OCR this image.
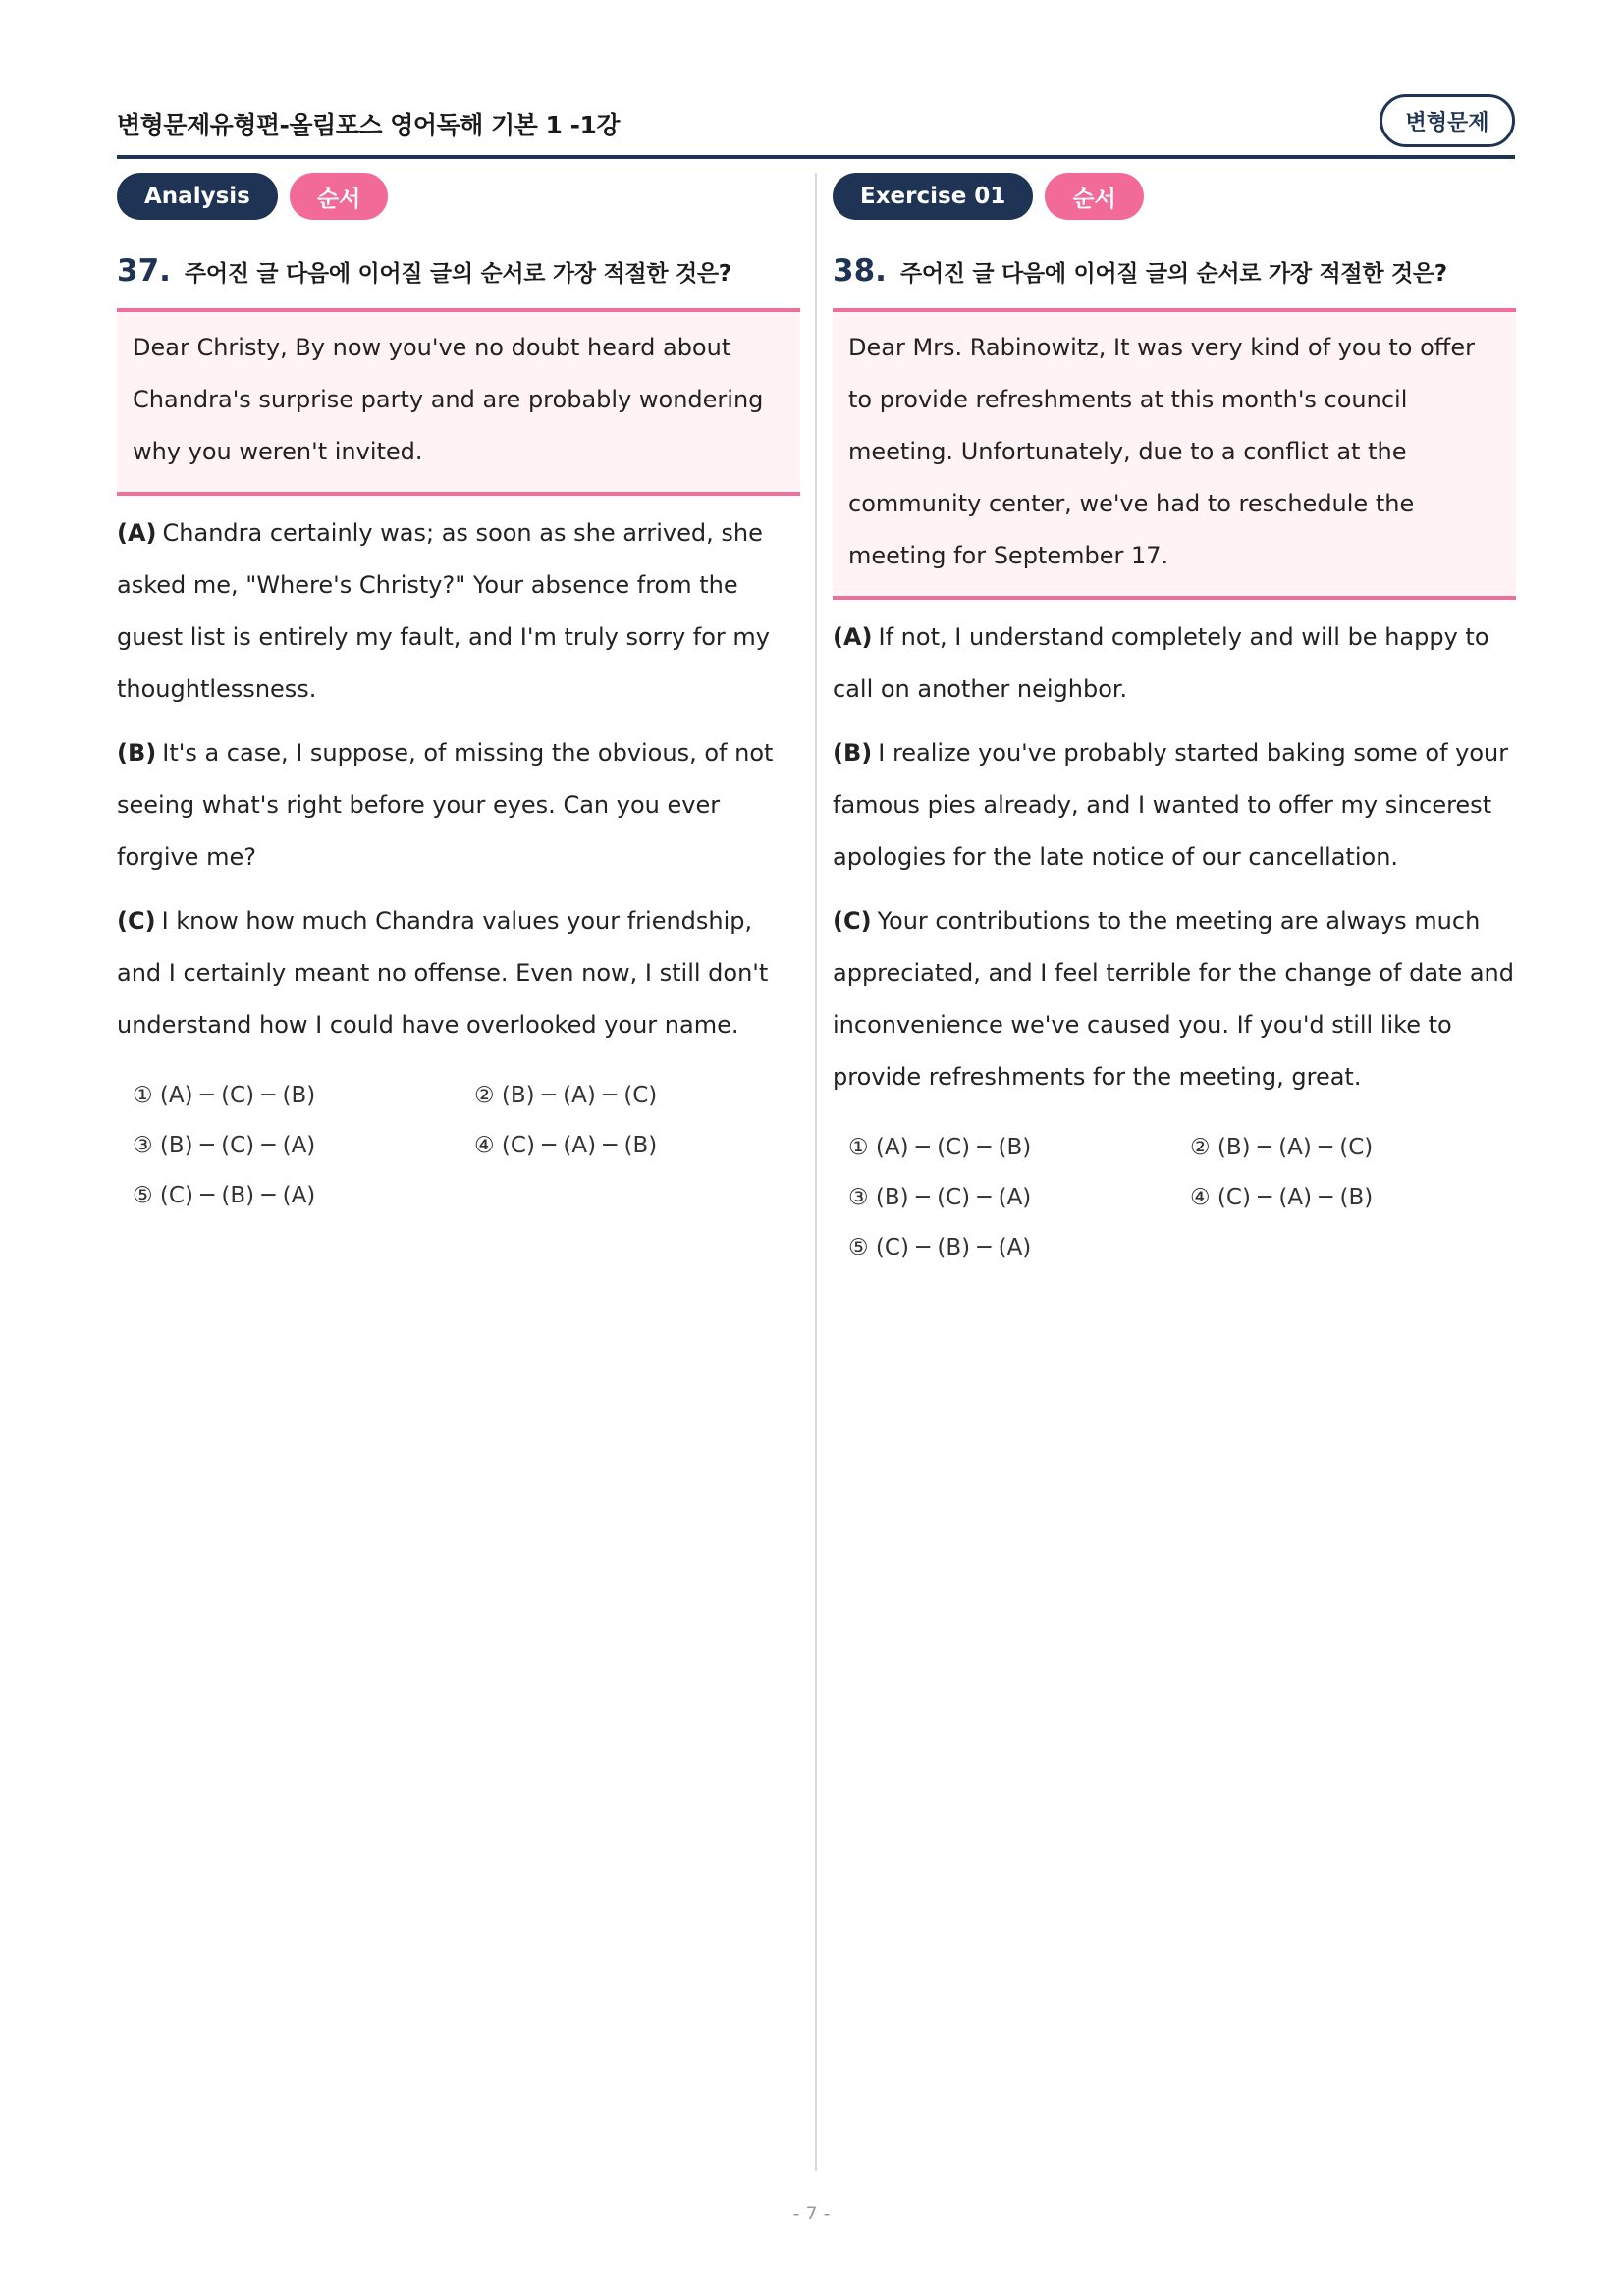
변형문제유형편-올림포스 영어독해 기본 1 -1강	변형문제
Analysis	순서
37. 주어진 글 다음에 이어질 글의 순서로 가장 적절한 것은?
Dear Christy, By now you've no doubt heard about Chandra's surprise party and are probably wondering why you weren't invited.

(A) Chandra certainly was; as soon as she arrived, she asked me, "Where's Christy?" Your absence from the guest list is entirely my fault, and I'm truly sorry for my thoughtlessness.

(B) It's a case, I suppose, of missing the obvious, of not seeing what's right before your eyes. Can you ever forgive me?

(C) I know how much Chandra values your friendship, and I certainly meant no offense. Even now, I still don't understand how I could have overlooked your name.

① (A) ─ (C) ─ (B)	② (B) ─ (A) ─ (C)
③ (B) ─ (C) ─ (A)	④ (C) ─ (A) ─ (B)
⑤ (C) ─ (B) ─ (A)
Exercise 01	순서
38. 주어진 글 다음에 이어질 글의 순서로 가장 적절한 것은?
Dear Mrs. Rabinowitz, It was very kind of you to offer to provide refreshments at this month's council meeting. Unfortunately, due to a conflict at the community center, we've had to reschedule the meeting for September 17.

(A) If not, I understand completely and will be happy to call on another neighbor.

(B) I realize you've probably started baking some of your famous pies already, and I wanted to offer my sincerest apologies for the late notice of our cancellation.

(C) Your contributions to the meeting are always much appreciated, and I feel terrible for the change of date and inconvenience we've caused you. If you'd still like to provide refreshments for the meeting, great.

① (A) ─ (C) ─ (B)	② (B) ─ (A) ─ (C)
③ (B) ─ (C) ─ (A)	④ (C) ─ (A) ─ (B)
⑤ (C) ─ (B) ─ (A)
- 7 -
